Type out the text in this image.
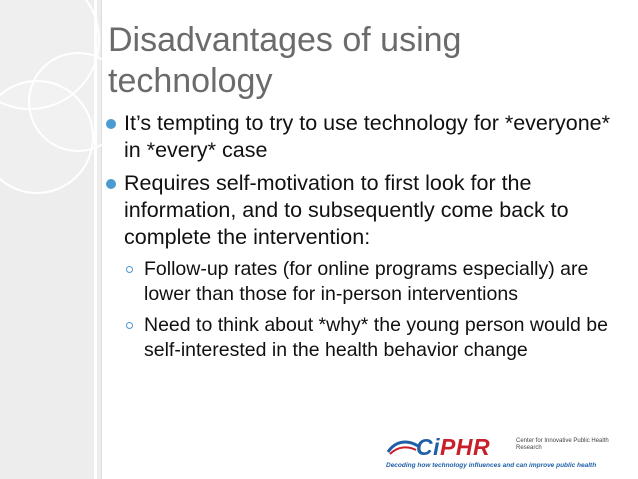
Disadvantages of using technology
It’s tempting to try to use technology for *everyone* in *every* case
Requires self-motivation to first look for the information, and to subsequently come back to complete the intervention:
Follow-up rates (for online programs especially) are lower than those for in-person interventions
Need to think about *why* the young person would be self-interested in the health behavior change
CiPHR	Center for Innovative Public Health Research
Decoding how technology influences and can improve public health
